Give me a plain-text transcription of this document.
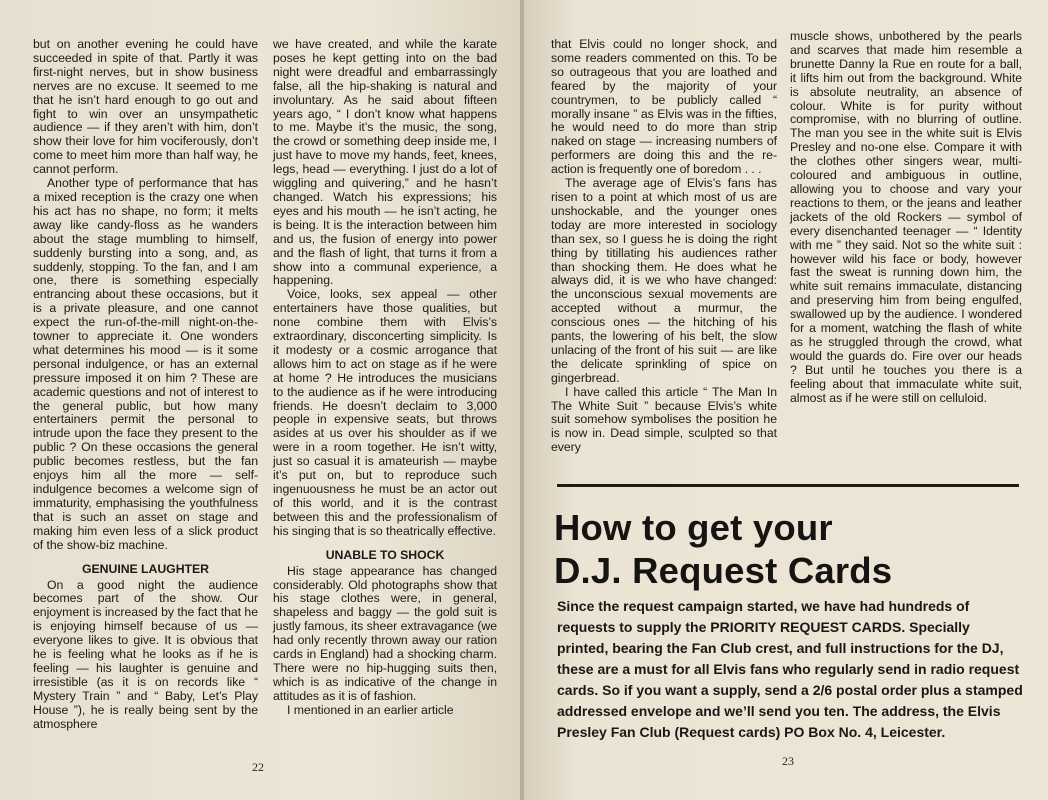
but on another evening he could have succeeded in spite of that. Partly it was first-night nerves, but in show business nerves are no excuse. It seemed to me that he isn’t hard enough to go out and fight to win over an unsympathetic audience — if they aren’t with him, don’t show their love for him vociferously, don’t come to meet him more than half way, he cannot perform.

Another type of performance that has a mixed reception is the crazy one when his act has no shape, no form; it melts away like candy-floss as he wanders about the stage mumbling to himself, suddenly bursting into a song, and, as suddenly, stopping. To the fan, and I am one, there is something especially entrancing about these occasions, but it is a private pleasure, and one cannot expect the run-of-the-mill night-on-the-towner to appreciate it. One wonders what determines his mood — is it some personal indulgence, or has an external pressure imposed it on him ? These are academic questions and not of interest to the general public, but how many entertainers permit the personal to intrude upon the face they present to the public ? On these occasions the general public becomes restless, but the fan enjoys him all the more — self-indulgence becomes a welcome sign of immaturity, emphasising the youthfulness that is such an asset on stage and making him even less of a slick product of the show-biz machine.

GENUINE LAUGHTER

On a good night the audience becomes part of the show. Our enjoyment is increased by the fact that he is enjoying himself because of us — everyone likes to give. It is obvious that he is feeling what he looks as if he is feeling — his laughter is genuine and irresistible (as it is on records like “ Mystery Train ” and “ Baby, Let’s Play House ”), he is really being sent by the atmosphere

we have created, and while the karate poses he kept getting into on the bad night were dreadful and embarrassingly false, all the hip-shaking is natural and involuntary. As he said about fifteen years ago, “ I don’t know what happens to me. Maybe it’s the music, the song, the crowd or something deep inside me, I just have to move my hands, feet, knees, legs, head — everything. I just do a lot of wiggling and quivering,” and he hasn’t changed. Watch his expressions; his eyes and his mouth — he isn’t acting, he is being. It is the interaction between him and us, the fusion of energy into power and the flash of light, that turns it from a show into a communal experience, a happening.

Voice, looks, sex appeal — other entertainers have those qualities, but none combine them with Elvis’s extraordinary, disconcerting simplicity. Is it modesty or a cosmic arrogance that allows him to act on stage as if he were at home ? He introduces the musicians to the audience as if he were introducing friends. He doesn’t declaim to 3,000 people in expensive seats, but throws asides at us over his shoulder as if we were in a room together. He isn’t witty, just so casual it is amateurish — maybe it’s put on, but to reproduce such ingenuousness he must be an actor out of this world, and it is the contrast between this and the professionalism of his singing that is so theatrically effective.

UNABLE TO SHOCK

His stage appearance has changed considerably. Old photographs show that his stage clothes were, in general, shapeless and baggy — the gold suit is justly famous, its sheer extravagance (we had only recently thrown away our ration cards in England) had a shocking charm. There were no hip-hugging suits then, which is as indicative of the change in attitudes as it is of fashion.

I mentioned in an earlier article

22

that Elvis could no longer shock, and some readers commented on this. To be so outrageous that you are loathed and feared by the majority of your countrymen, to be publicly called “ morally insane ” as Elvis was in the fifties, he would need to do more than strip naked on stage — increasing numbers of performers are doing this and the re-action is frequently one of boredom . . .

The average age of Elvis’s fans has risen to a point at which most of us are unshockable, and the younger ones today are more interested in sociology than sex, so I guess he is doing the right thing by titillating his audiences rather than shocking them. He does what he always did, it is we who have changed: the unconscious sexual movements are accepted without a murmur, the conscious ones — the hitching of his pants, the lowering of his belt, the slow unlacing of the front of his suit — are like the delicate sprinkling of spice on gingerbread.

I have called this article “ The Man In The White Suit ” because Elvis’s white suit somehow symbolises the position he is now in. Dead simple, sculpted so that every

muscle shows, unbothered by the pearls and scarves that made him resemble a brunette Danny la Rue en route for a ball, it lifts him out from the background. White is absolute neutrality, an absence of colour. White is for purity without compromise, with no blurring of outline. The man you see in the white suit is Elvis Presley and no-one else. Compare it with the clothes other singers wear, multi-coloured and ambiguous in outline, allowing you to choose and vary your reactions to them, or the jeans and leather jackets of the old Rockers — symbol of every disenchanted teenager — “ Identity with me ” they said. Not so the white suit : however wild his face or body, however fast the sweat is running down him, the white suit remains immaculate, distancing and preserving him from being engulfed, swallowed up by the audience. I wondered for a moment, watching the flash of white as he struggled through the crowd, what would the guards do. Fire over our heads ? But until he touches you there is a feeling about that immaculate white suit, almost as if he were still on celluloid.

How to get your
D.J. Request Cards
Since the request campaign started, we have had hundreds of requests to supply the PRIORITY REQUEST CARDS. Specially printed, bearing the Fan Club crest, and full instructions for the DJ, these are a must for all Elvis fans who regularly send in radio request cards. So if you want a supply, send a 2/6 postal order plus a stamped addressed envelope and we’ll send you ten. The address, the Elvis Presley Fan Club (Request cards) PO Box No. 4, Leicester.
23
